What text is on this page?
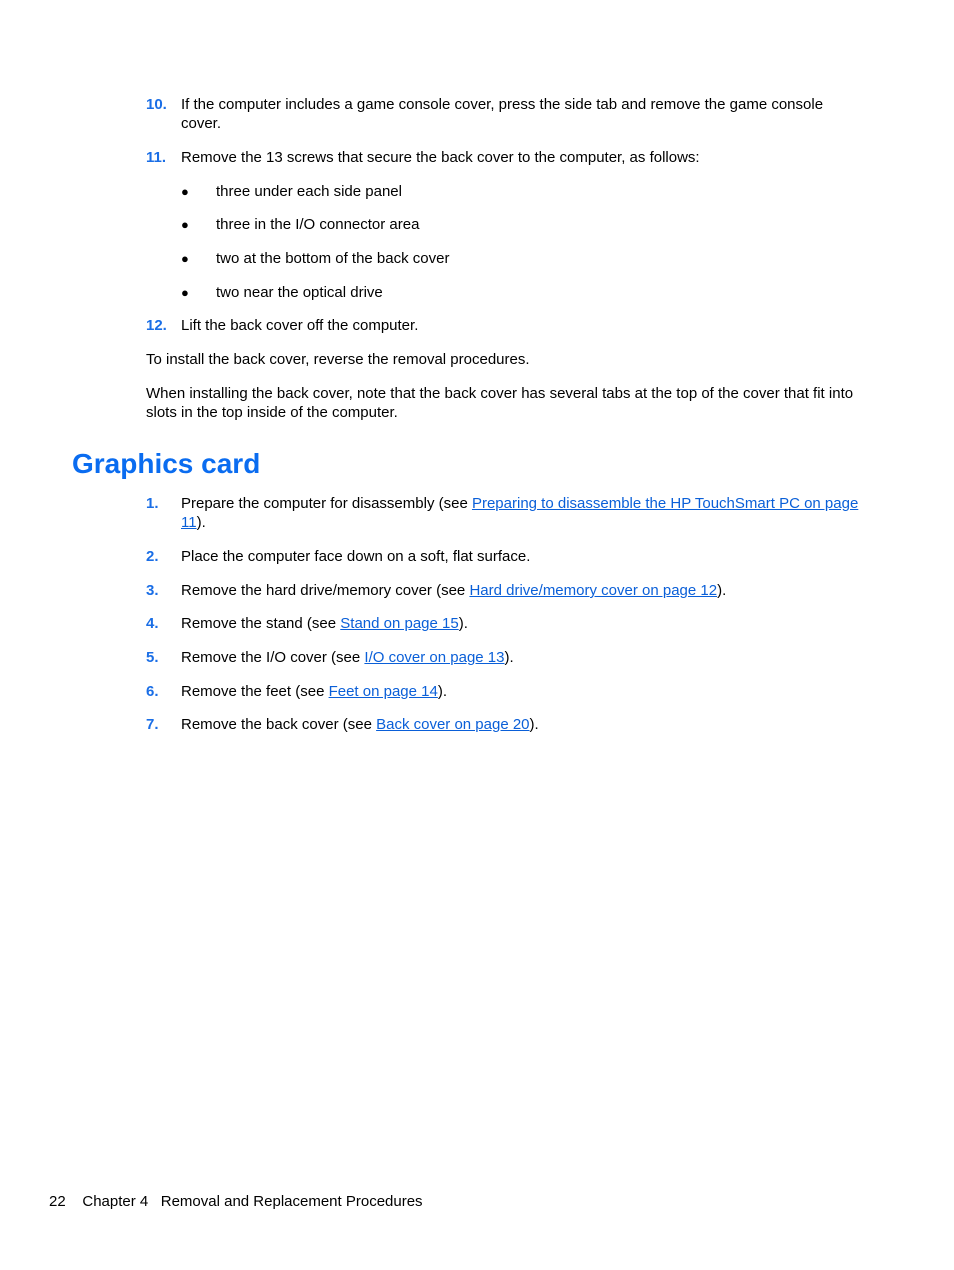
10. If the computer includes a game console cover, press the side tab and remove the game console cover.
11. Remove the 13 screws that secure the back cover to the computer, as follows:
● three under each side panel
● three in the I/O connector area
● two at the bottom of the back cover
● two near the optical drive
12. Lift the back cover off the computer.
To install the back cover, reverse the removal procedures.
When installing the back cover, note that the back cover has several tabs at the top of the cover that fit into slots in the top inside of the computer.
Graphics card
1. Prepare the computer for disassembly (see Preparing to disassemble the HP TouchSmart PC on page 11).
2. Place the computer face down on a soft, flat surface.
3. Remove the hard drive/memory cover (see Hard drive/memory cover on page 12).
4. Remove the stand (see Stand on page 15).
5. Remove the I/O cover (see I/O cover on page 13).
6. Remove the feet (see Feet on page 14).
7. Remove the back cover (see Back cover on page 20).
22 Chapter 4 Removal and Replacement Procedures
